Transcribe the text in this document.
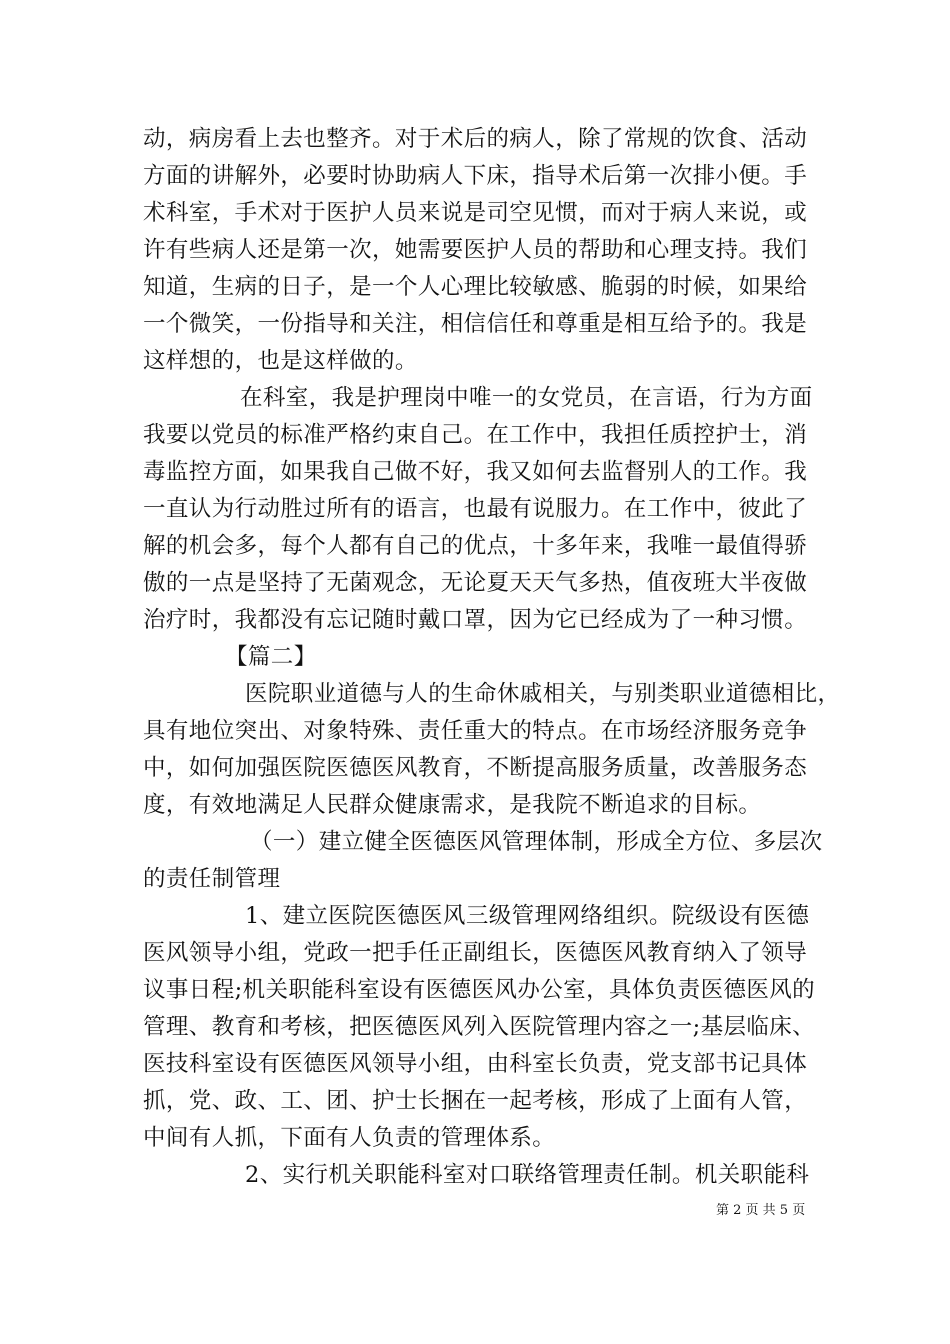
动，病房看上去也整齐。对于术后的病人，除了常规的饮食、活动
方面的讲解外，必要时协助病人下床，指导术后第一次排小便。手
术科室，手术对于医护人员来说是司空见惯，而对于病人来说，或
许有些病人还是第一次，她需要医护人员的帮助和心理支持。我们
知道，生病的日子，是一个人心理比较敏感、脆弱的时候，如果给
一个微笑，一份指导和关注，相信信任和尊重是相互给予的。我是
这样想的，也是这样做的。
在科室，我是护理岗中唯一的女党员，在言语，行为方面
我要以党员的标准严格约束自己。在工作中，我担任质控护士，消
毒监控方面，如果我自己做不好，我又如何去监督别人的工作。我
一直认为行动胜过所有的语言，也最有说服力。在工作中，彼此了
解的机会多，每个人都有自己的优点，十多年来，我唯一最值得骄
傲的一点是坚持了无菌观念，无论夏天天气多热，值夜班大半夜做
治疗时，我都没有忘记随时戴口罩，因为它已经成为了一种习惯。
【篇二】
医院职业道德与人的生命休戚相关，与别类职业道德相比，
具有地位突出、对象特殊、责任重大的特点。在市场经济服务竞争
中，如何加强医院医德医风教育，不断提高服务质量，改善服务态
度，有效地满足人民群众健康需求，是我院不断追求的目标。
（一）建立健全医德医风管理体制，形成全方位、多层次
的责任制管理
1、建立医院医德医风三级管理网络组织。院级设有医德
医风领导小组，党政一把手任正副组长，医德医风教育纳入了领导
议事日程;机关职能科室设有医德医风办公室，具体负责医德医风的
管理、教育和考核，把医德医风列入医院管理内容之一;基层临床、
医技科室设有医德医风领导小组，由科室长负责，党支部书记具体
抓，党、政、工、团、护士长捆在一起考核，形成了上面有人管，
中间有人抓，下面有人负责的管理体系。
2、实行机关职能科室对口联络管理责任制。机关职能科
第 2 页 共 5 页
